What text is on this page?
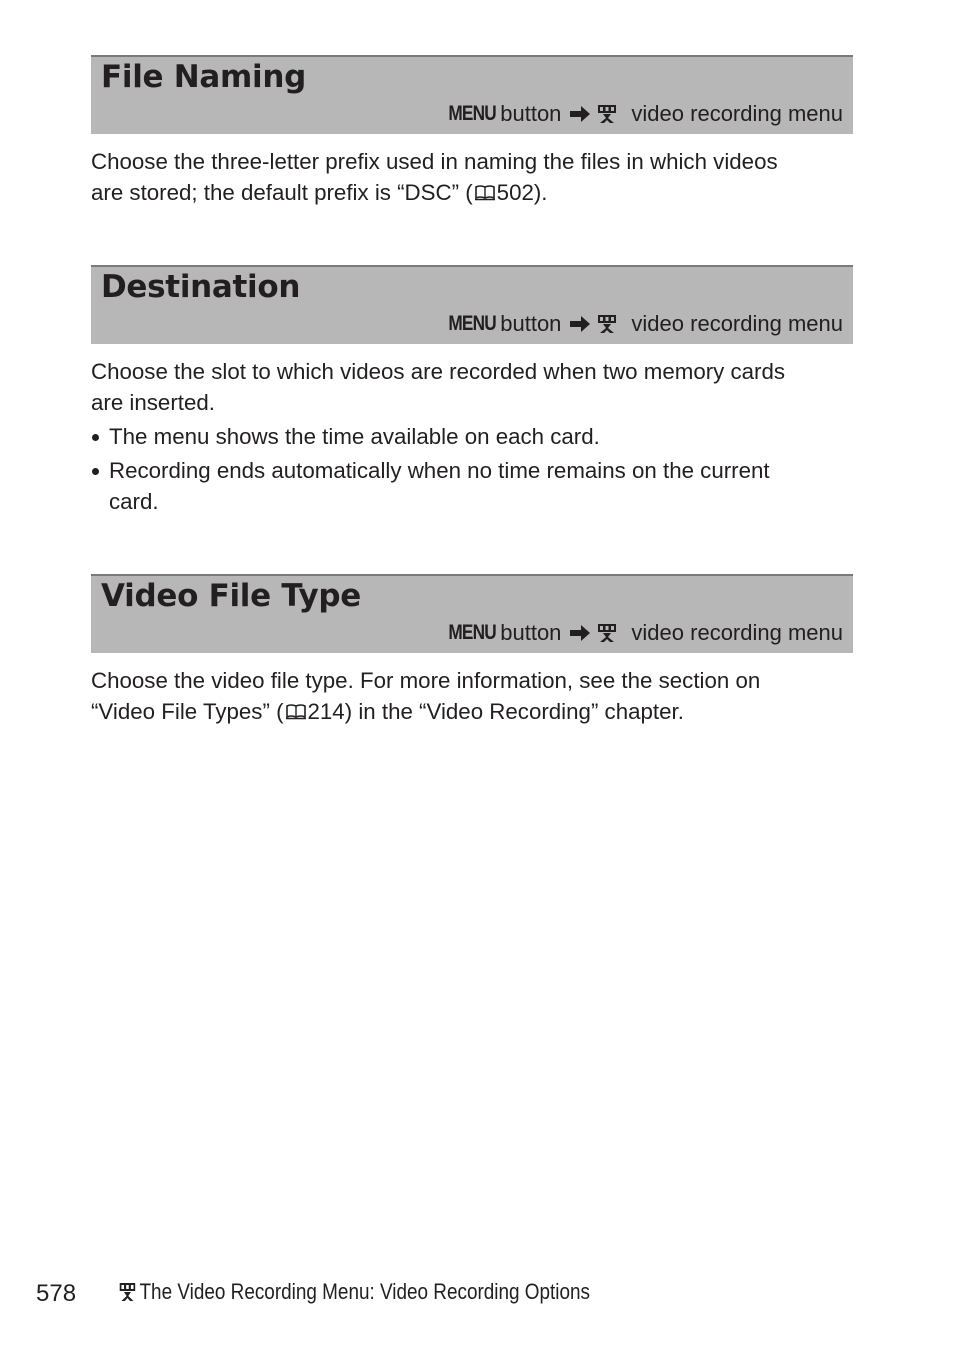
File Naming
MENU button	video recording menu
Choose the three-letter prefix used in naming the files in which videos
are stored; the default prefix is “DSC” ( 502).
Destination
MENU button	video recording menu
Choose the slot to which videos are recorded when two memory cards
are inserted.
The menu shows the time available on each card.
Recording ends automatically when no time remains on the current
card.
Video File Type
MENU button	video recording menu
Choose the video file type. For more information, see the section on
“Video File Types” ( 214) in the “Video Recording” chapter.
578	The Video Recording Menu: Video Recording Options
